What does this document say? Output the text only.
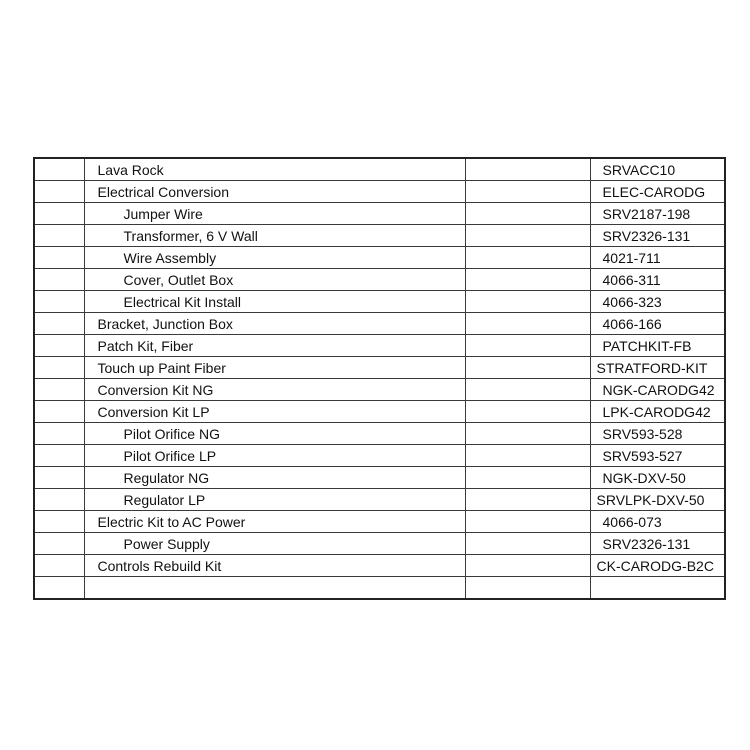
	Lava Rock		SRVACC10
	Electrical Conversion		ELEC-CARODG
	Jumper Wire		SRV2187-198
	Transformer, 6 V Wall		SRV2326-131
	Wire Assembly		4021-711
	Cover, Outlet Box		4066-311
	Electrical Kit Install		4066-323
	Bracket, Junction Box		4066-166
	Patch Kit, Fiber		PATCHKIT-FB
	Touch up Paint Fiber		STRATFORD-KIT
	Conversion Kit NG		NGK-CARODG42
	Conversion Kit LP		LPK-CARODG42
	Pilot Orifice NG		SRV593-528
	Pilot Orifice LP		SRV593-527
	Regulator NG		NGK-DXV-50
	Regulator LP		SRVLPK-DXV-50
	Electric Kit to AC Power		4066-073
	Power Supply		SRV2326-131
	Controls Rebuild Kit		CK-CARODG-B2C
